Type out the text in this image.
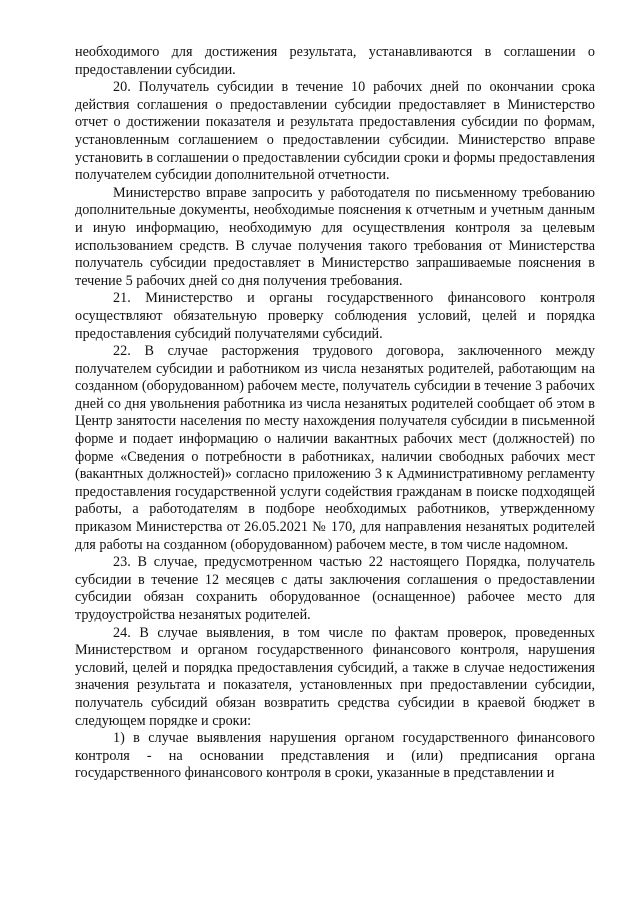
необходимого для достижения результата, устанавливаются в соглашении о предоставлении субсидии.

20. Получатель субсидии в течение 10 рабочих дней по окончании срока действия соглашения о предоставлении субсидии предоставляет в Министерство отчет о достижении показателя и результата предоставления субсидии по формам, установленным соглашением о предоставлении субсидии. Министерство вправе установить в соглашении о предоставлении субсидии сроки и формы предоставления получателем субсидии дополнительной отчетности.

Министерство вправе запросить у работодателя по письменному требованию дополнительные документы, необходимые пояснения к отчетным и учетным данным и иную информацию, необходимую для осуществления контроля за целевым использованием средств. В случае получения такого требования от Министерства получатель субсидии предоставляет в Министерство запрашиваемые пояснения в течение 5 рабочих дней со дня получения требования.

21. Министерство и органы государственного финансового контроля осуществляют обязательную проверку соблюдения условий, целей и порядка предоставления субсидий получателями субсидий.

22. В случае расторжения трудового договора, заключенного между получателем субсидии и работником из числа незанятых родителей, работающим на созданном (оборудованном) рабочем месте, получатель субсидии в течение 3 рабочих дней со дня увольнения работника из числа незанятых родителей сообщает об этом в Центр занятости населения по месту нахождения получателя субсидии в письменной форме и подает информацию о наличии вакантных рабочих мест (должностей) по форме «Сведения о потребности в работниках, наличии свободных рабочих мест (вакантных должностей)» согласно приложению 3 к Административному регламенту предоставления государственной услуги содействия гражданам в поиске подходящей работы, а работодателям в подборе необходимых работников, утвержденному приказом Министерства от 26.05.2021 № 170, для направления незанятых родителей для работы на созданном (оборудованном) рабочем месте, в том числе надомном.

23. В случае, предусмотренном частью 22 настоящего Порядка, получатель субсидии в течение 12 месяцев с даты заключения соглашения о предоставлении субсидии обязан сохранить оборудованное (оснащенное) рабочее место для трудоустройства незанятых родителей.

24. В случае выявления, в том числе по фактам проверок, проведенных Министерством и органом государственного финансового контроля, нарушения условий, целей и порядка предоставления субсидий, а также в случае недостижения значения результата и показателя, установленных при предоставлении субсидии, получатель субсидий обязан возвратить средства субсидии в краевой бюджет в следующем порядке и сроки:

1) в случае выявления нарушения органом государственного финансового контроля - на основании представления и (или) предписания органа государственного финансового контроля в сроки, указанные в представлении и
